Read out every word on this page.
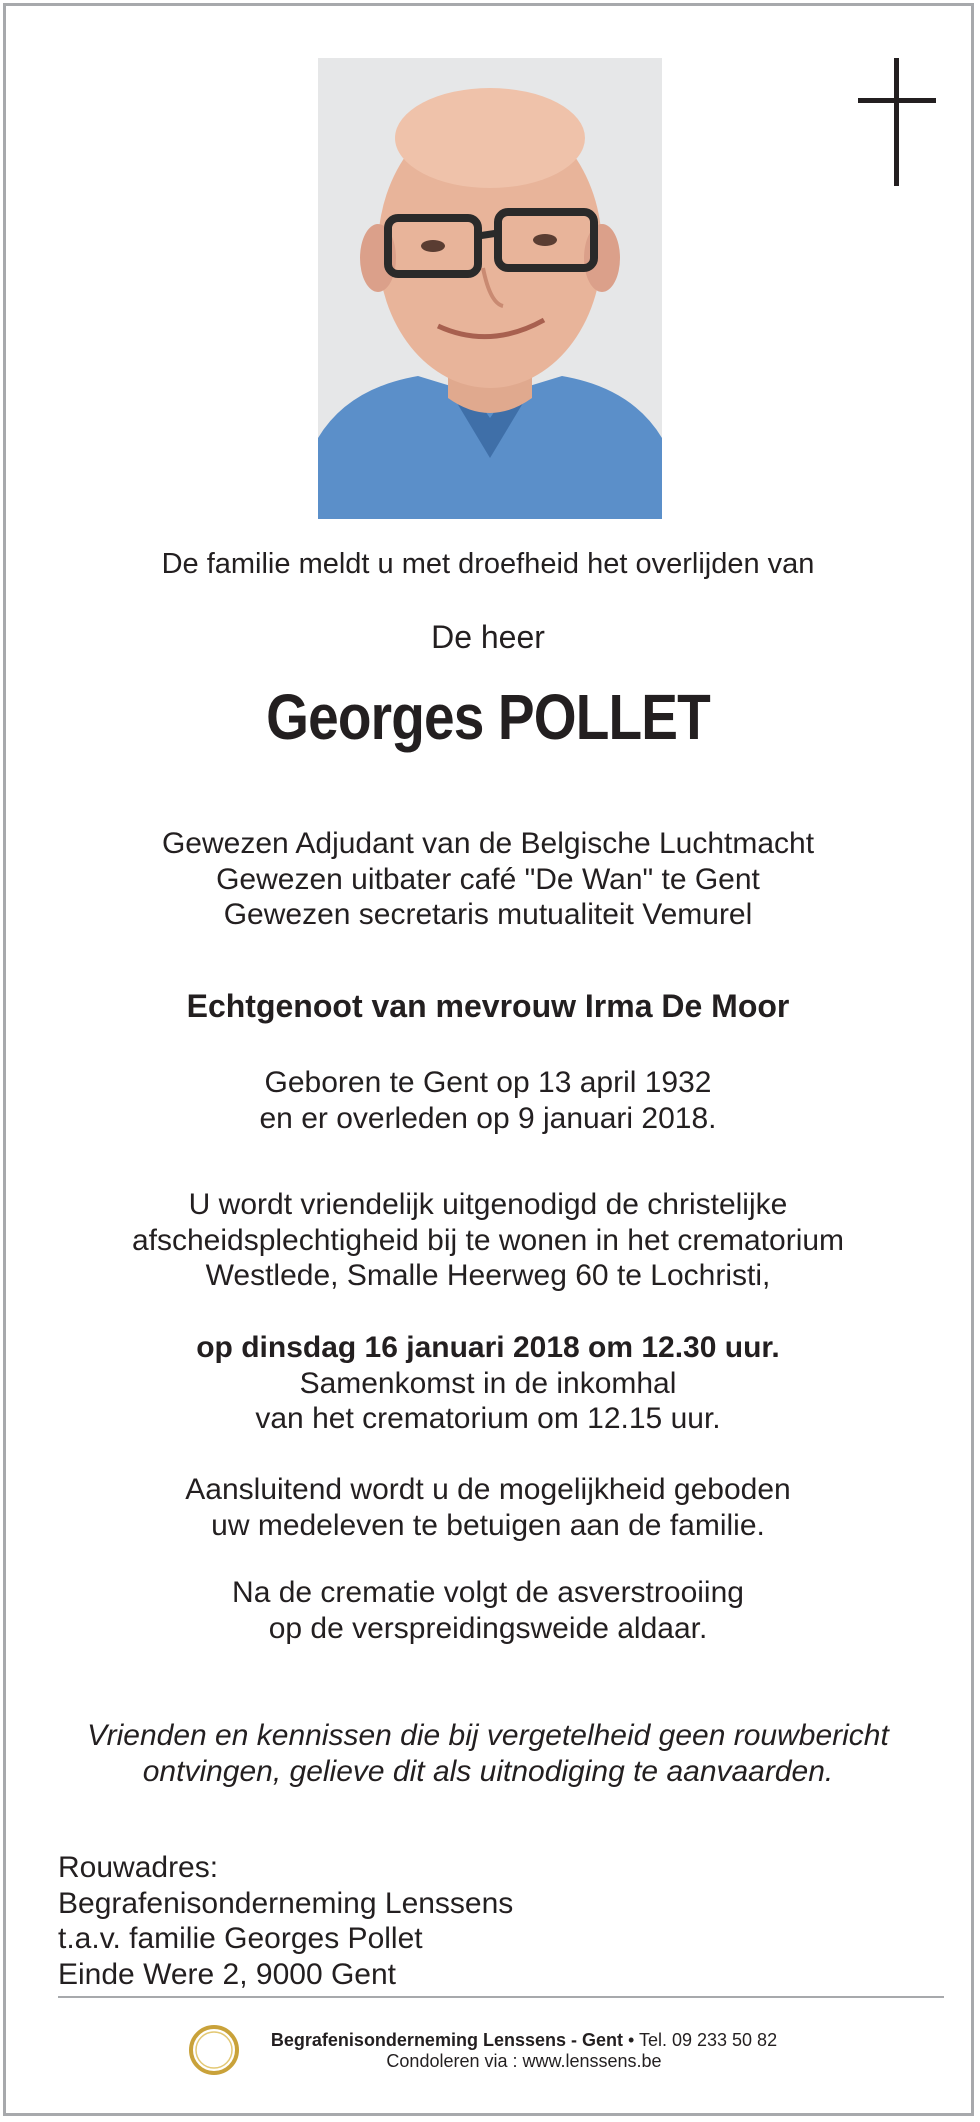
De familie meldt u met droefheid het overlijden van
De heer
Georges POLLET
Gewezen Adjudant van de Belgische Luchtmacht
Gewezen uitbater café "De Wan" te Gent
Gewezen secretaris mutualiteit Vemurel
Echtgenoot van mevrouw Irma De Moor
Geboren te Gent op 13 april 1932
en er overleden op 9 januari 2018.
U wordt vriendelijk uitgenodigd de christelijke
afscheidsplechtigheid bij te wonen in het crematorium
Westlede, Smalle Heerweg 60 te Lochristi,
op dinsdag 16 januari 2018 om 12.30 uur.
Samenkomst in de inkomhal
van het crematorium om 12.15 uur.
Aansluitend wordt u de mogelijkheid geboden
uw medeleven te betuigen aan de familie.
Na de crematie volgt de asverstrooiing
op de verspreidingsweide aldaar.
Vrienden en kennissen die bij vergetelheid geen rouwbericht
ontvingen, gelieve dit als uitnodiging te aanvaarden.
Rouwadres:
Begrafenisonderneming Lenssens
t.a.v. familie Georges Pollet
Einde Were 2, 9000 Gent
Begrafenisonderneming Lenssens - Gent • Tel. 09 233 50 82
Condoleren via : www.lenssens.be
